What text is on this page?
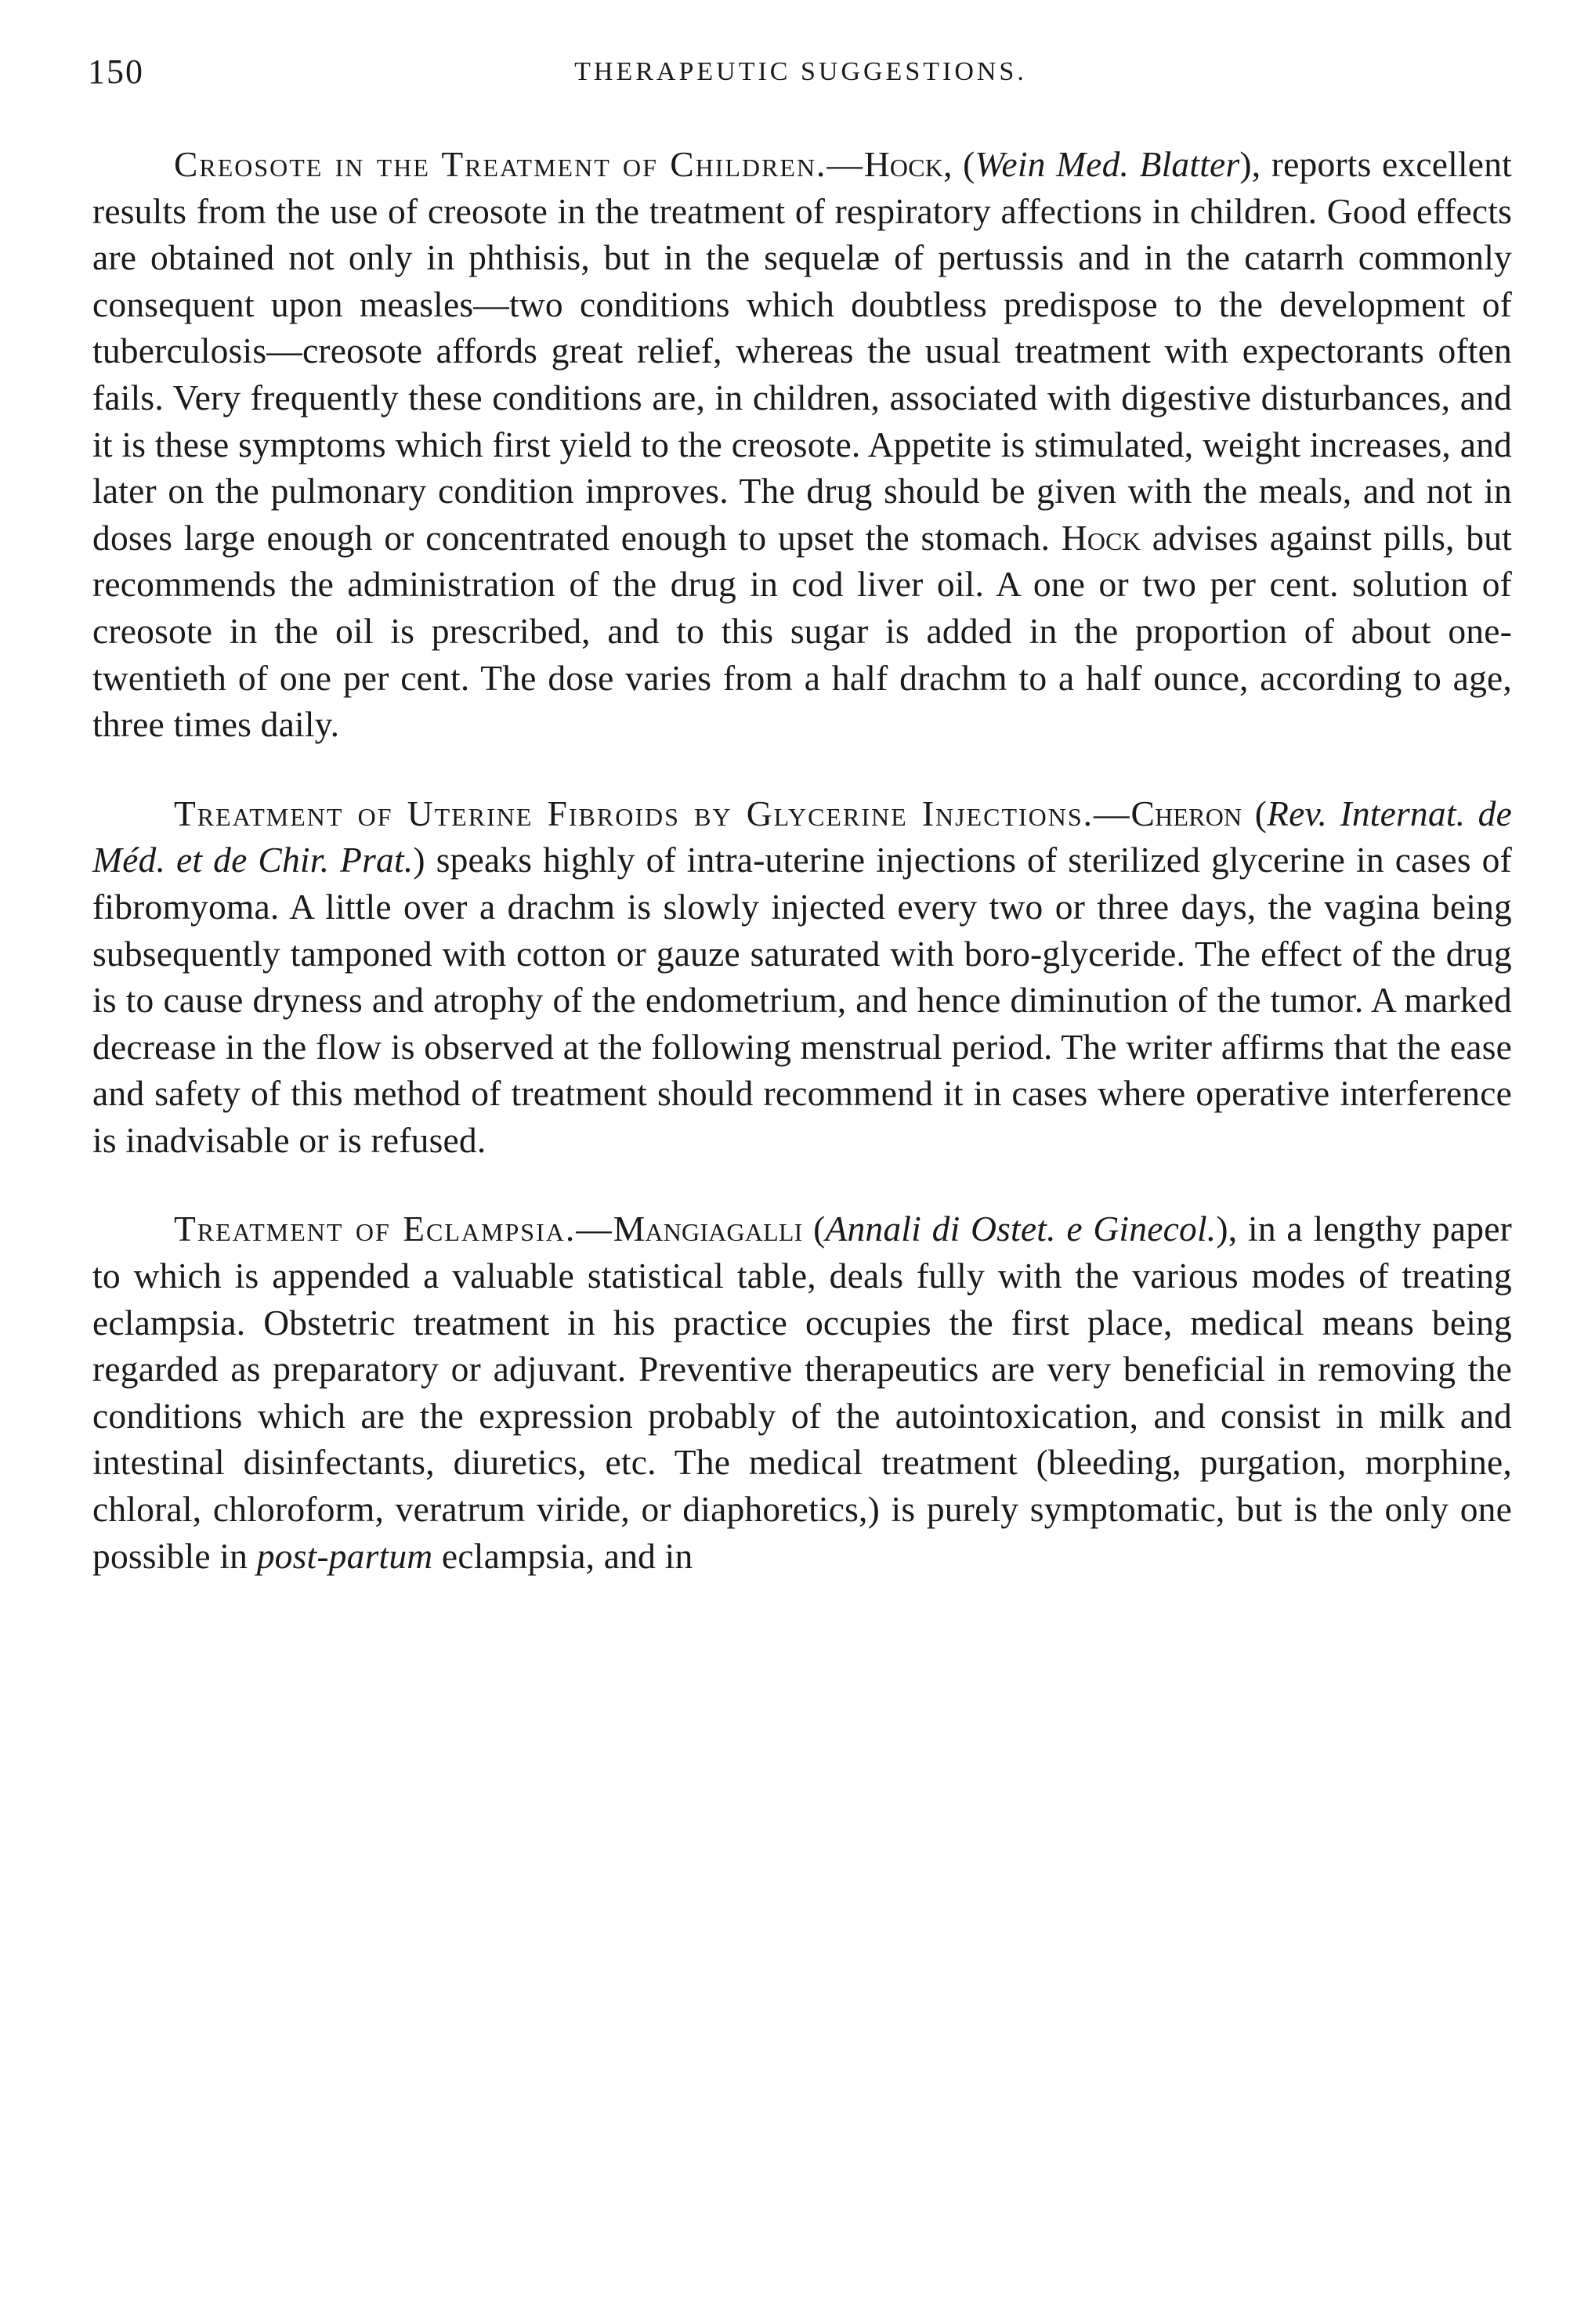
150	THERAPEUTIC SUGGESTIONS.

Creosote in the Treatment of Children.—Hock, (Wein Med. Blatter), reports excellent results from the use of creosote in the treatment of respiratory affections in children. Good effects are obtained not only in phthisis, but in the sequelæ of pertussis and in the catarrh commonly consequent upon measles—two conditions which doubtless predispose to the development of tuberculosis—creosote affords great relief, whereas the usual treatment with expectorants often fails. Very frequently these conditions are, in children, associated with digestive disturbances, and it is these symptoms which first yield to the creosote. Appetite is stimulated, weight increases, and later on the pulmonary condition improves. The drug should be given with the meals, and not in doses large enough or concentrated enough to upset the stomach. Hock advises against pills, but recommends the administration of the drug in cod liver oil. A one or two per cent. solution of creosote in the oil is prescribed, and to this sugar is added in the proportion of about one-twentieth of one per cent. The dose varies from a half drachm to a half ounce, according to age, three times daily.

Treatment of Uterine Fibroids by Glycerine Injections.—Cheron (Rev. Internat. de Méd. et de Chir. Prat.) speaks highly of intra-uterine injections of sterilized glycerine in cases of fibromyoma. A little over a drachm is slowly injected every two or three days, the vagina being subsequently tamponed with cotton or gauze saturated with boro-glyceride. The effect of the drug is to cause dryness and atrophy of the endometrium, and hence diminution of the tumor. A marked decrease in the flow is observed at the following menstrual period. The writer affirms that the ease and safety of this method of treatment should recommend it in cases where operative interference is inadvisable or is refused.

Treatment of Eclampsia.—Mangiagalli (Annali di Ostet. e Ginecol.), in a lengthy paper to which is appended a valuable statistical table, deals fully with the various modes of treating eclampsia. Obstetric treatment in his practice occupies the first place, medical means being regarded as preparatory or adjuvant. Preventive therapeutics are very beneficial in removing the conditions which are the expression probably of the autointoxication, and consist in milk and intestinal disinfectants, diuretics, etc. The medical treatment (bleeding, purgation, morphine, chloral, chloroform, veratrum viride, or diaphoretics,) is purely symptomatic, but is the only one possible in post-partum eclampsia, and in
